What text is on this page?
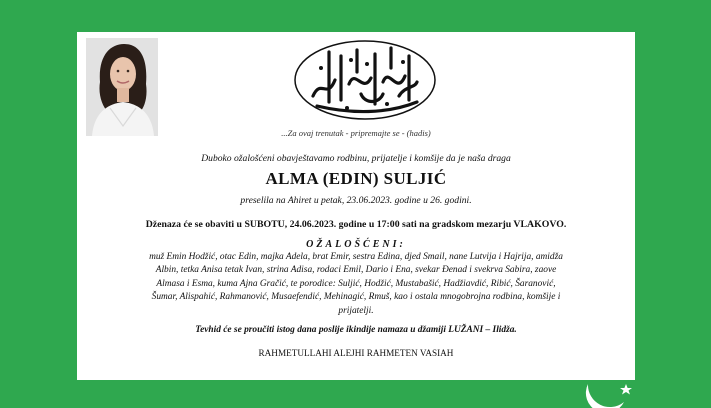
...Za ovaj trenutak - pripremajte se - (hadis)
Duboko ožalošćeni obavještavamo rodbinu, prijatelje i komšije da je naša draga
ALMA (EDIN) SULJIĆ
preselila na Ahiret u petak, 23.06.2023. godine u 26. godini.
Dženaza će se obaviti u SUBOTU, 24.06.2023. godine u 17:00 sati na gradskom mezarju VLAKOVO.
OŽALOŠĆENI:
muž Emin Hodžić, otac Edin, majka Adela, brat Emir, sestra Edina, djed Smail, nane Lutvija i Hajrija, amidža
Albin, tetka Anisa tetak Ivan, strina Adisa, rodaci Emil, Dario i Ena, svekar Đenad i svekrva Sabira, zaove
Almasa i Esma, kuma Ajna Gračić, te porodice: Suljić, Hodžić, Mustabašić, Hadžiavdić, Ribić, Šaranović,
Šumar, Alispahić, Rahmanović, Musaefendić, Mehinagić, Rmuš, kao i ostala mnogobrojna rodbina, komšije i
prijatelji.
Tevhid će se proučiti istog dana poslije ikindije namaza u džamiji LUŽANI – Ilidža.
RAHMETULLAHI ALEJHI RAHMETEN VASIAH
